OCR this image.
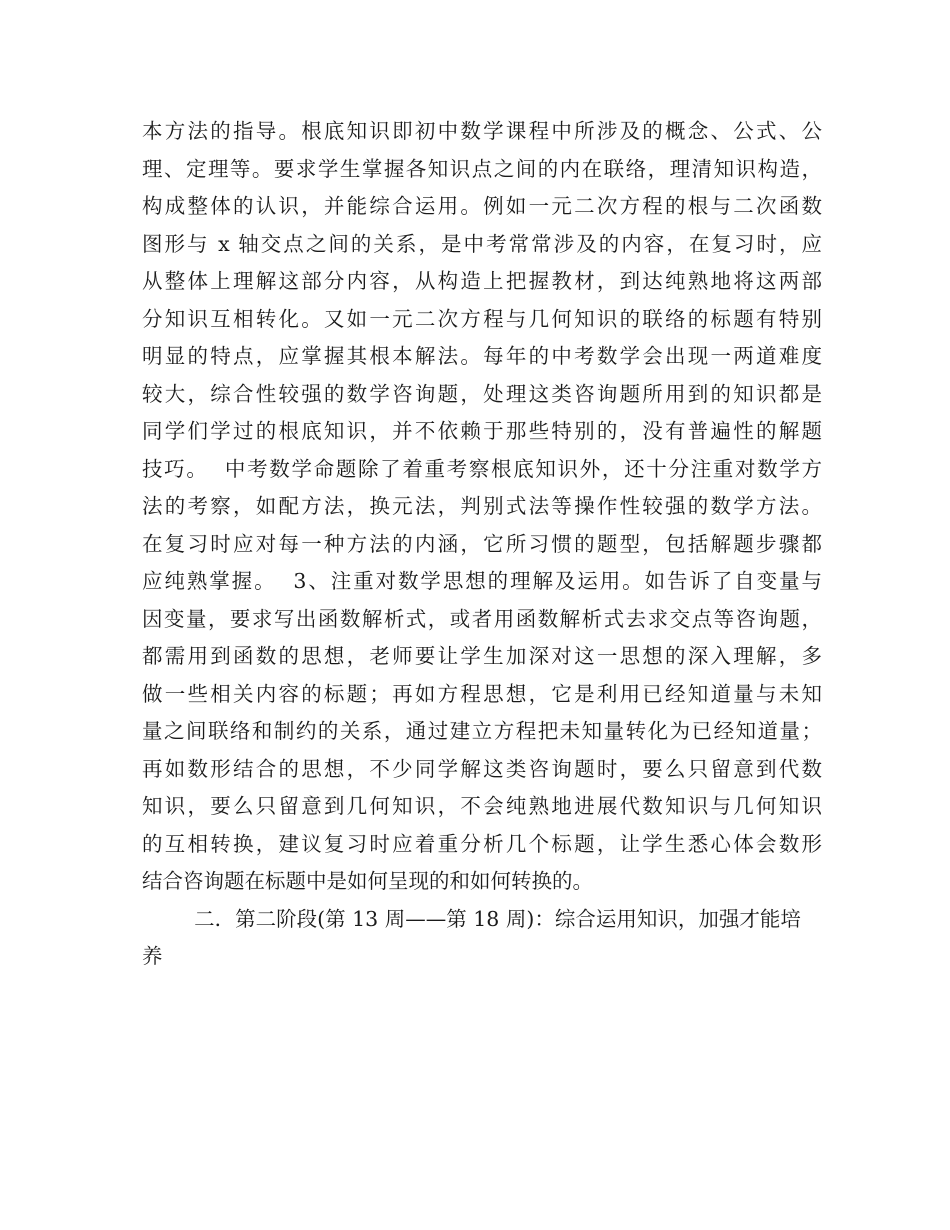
本方法的指导。根底知识即初中数学课程中所涉及的概念、公式、公
理、定理等。要求学生掌握各知识点之间的内在联络，理清知识构造，
构成整体的认识，并能综合运用。例如一元二次方程的根与二次函数
图形与 x 轴交点之间的关系，是中考常常涉及的内容，在复习时，应
从整体上理解这部分内容，从构造上把握教材，到达纯熟地将这两部
分知识互相转化。又如一元二次方程与几何知识的联络的标题有特别
明显的特点，应掌握其根本解法。每年的中考数学会出现一两道难度
较大，综合性较强的数学咨询题，处理这类咨询题所用到的知识都是
同学们学过的根底知识，并不依赖于那些特别的，没有普遍性的解题
技巧。  中考数学命题除了着重考察根底知识外，还十分注重对数学方
法的考察，如配方法，换元法，判别式法等操作性较强的数学方法。
在复习时应对每一种方法的内涵，它所习惯的题型，包括解题步骤都
应纯熟掌握。  3、注重对数学思想的理解及运用。如告诉了自变量与
因变量，要求写出函数解析式，或者用函数解析式去求交点等咨询题，
都需用到函数的思想，老师要让学生加深对这一思想的深入理解，多
做一些相关内容的标题；再如方程思想，它是利用已经知道量与未知
量之间联络和制约的关系，通过建立方程把未知量转化为已经知道量；
再如数形结合的思想，不少同学解这类咨询题时，要么只留意到代数
知识，要么只留意到几何知识，不会纯熟地进展代数知识与几何知识
的互相转换，建议复习时应着重分析几个标题，让学生悉心体会数形
结合咨询题在标题中是如何呈现的和如何转换的。
二．第二阶段(第 13 周——第 18 周)：综合运用知识，加强才能培
养
